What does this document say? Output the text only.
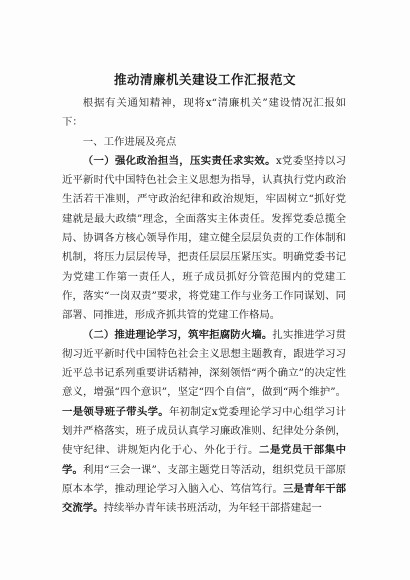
推动清廉机关建设工作汇报范文

根据有关通知精神，现将x“清廉机关”建设情况汇报如下：

一、工作进展及亮点

（一）强化政治担当，压实责任求实效。x党委坚持以习近平新时代中国特色社会主义思想为指导，认真执行党内政治生活若干准则，严守政治纪律和政治规矩，牢固树立“抓好党建就是最大政绩”理念，全面落实主体责任。发挥党委总揽全局、协调各方核心领导作用，建立健全层层负责的工作体制和机制，将压力层层传导，把责任层层压紧压实。明确党委书记为党建工作第一责任人，班子成员抓好分管范围内的党建工作，落实“一岗双责”要求，将党建工作与业务工作同谋划、同部署、同推进，形成齐抓共管的党建工作格局。

（二）推进理论学习，筑牢拒腐防火墙。扎实推进学习贯彻习近平新时代中国特色社会主义思想主题教育，跟进学习习近平总书记系列重要讲话精神，深刻领悟“两个确立”的决定性意义，增强“四个意识”，坚定“四个自信”，做到“两个维护”。一是领导班子带头学。年初制定x党委理论学习中心组学习计划并严格落实，班子成员认真学习廉政准则、纪律处分条例，使守纪律、讲规矩内化于心、外化于行。二是党员干部集中学。利用“三会一课”、支部主题党日等活动，组织党员干部原原本本学，推动理论学习入脑入心、笃信笃行。三是青年干部交流学。持续举办青年读书班活动，为年轻干部搭建起一
